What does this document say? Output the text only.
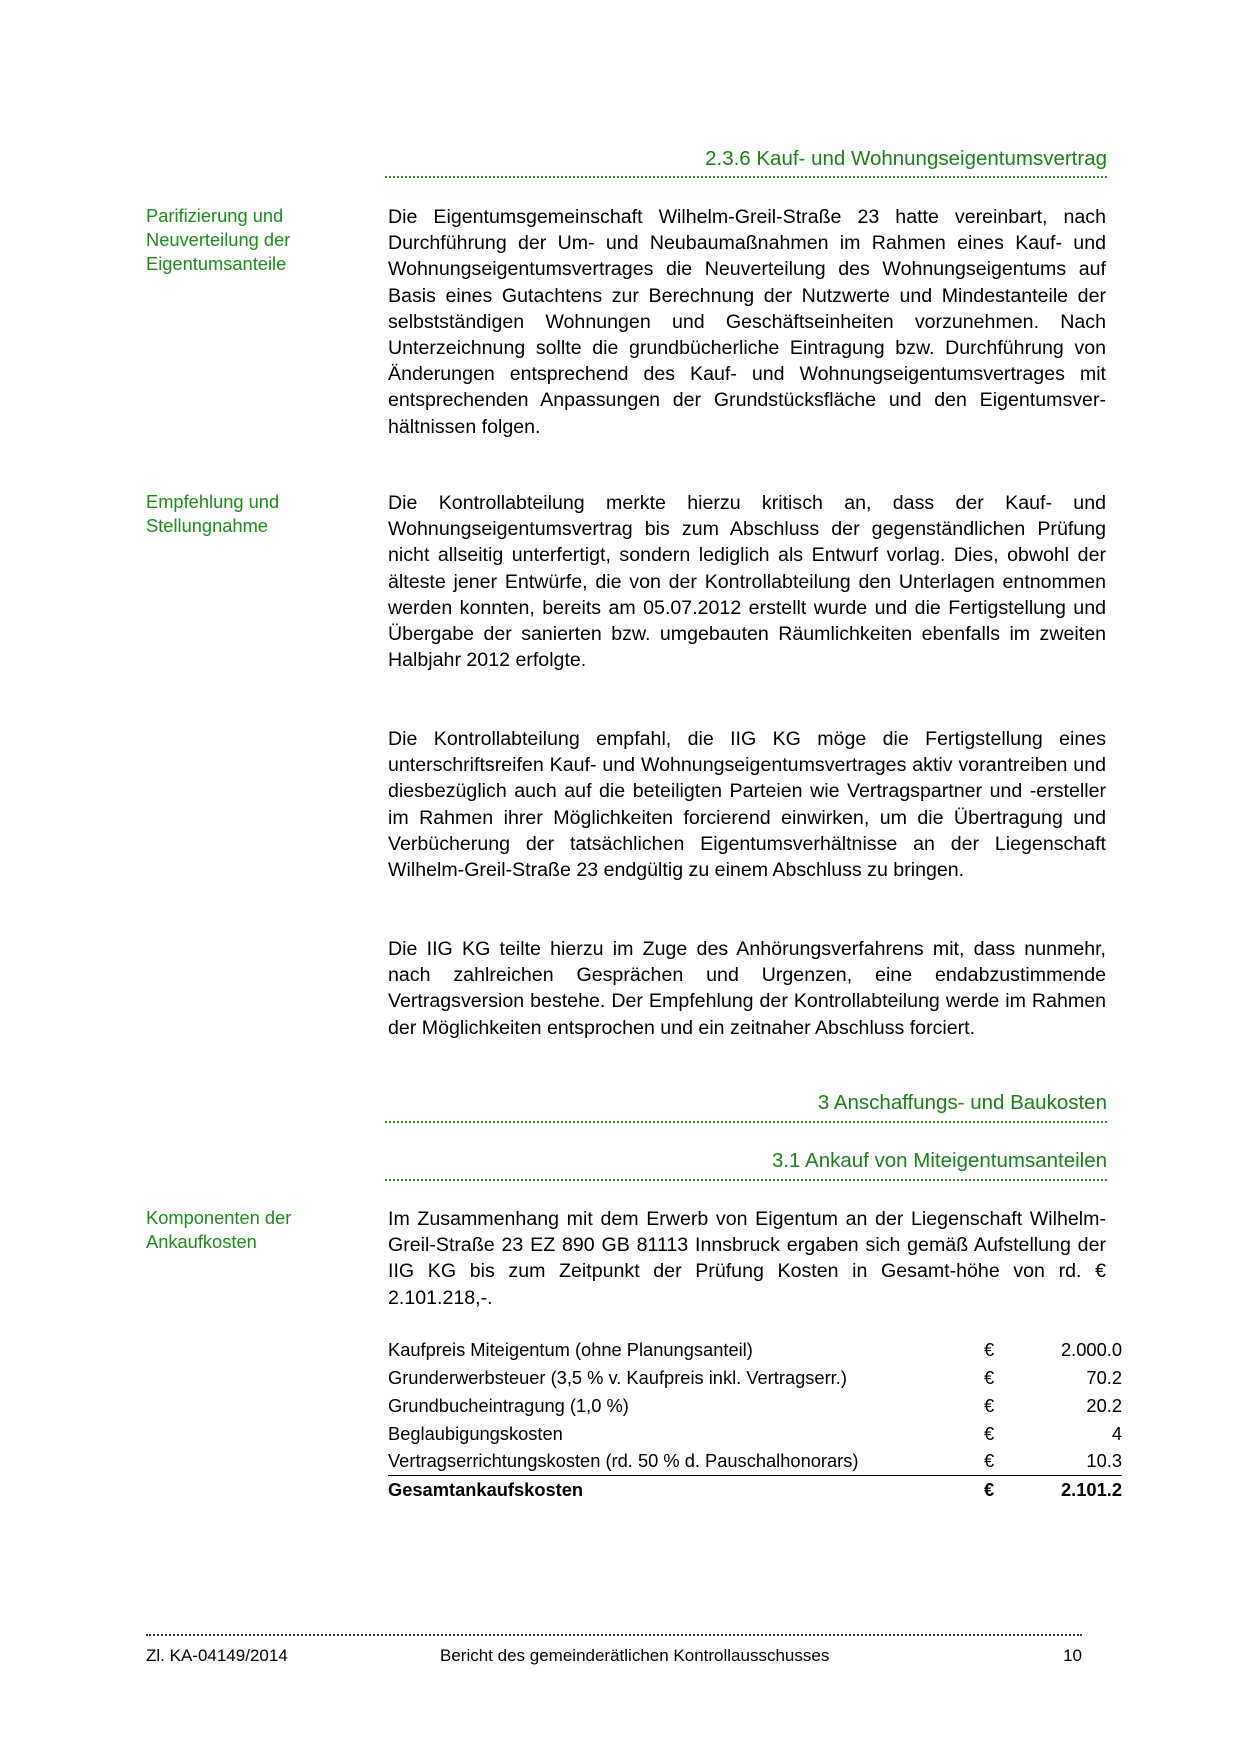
2.3.6 Kauf- und Wohnungseigentumsvertrag
Parifizierung und
Neuverteilung der
Eigentumsanteile
Die Eigentumsgemeinschaft Wilhelm-Greil-Straße 23 hatte vereinbart, nach Durchführung der Um- und Neubaumaßnahmen im Rahmen eines Kauf- und Wohnungseigentumsvertrages die Neuverteilung des Wohnungseigentums auf Basis eines Gutachtens zur Berechnung der Nutzwerte und Mindestanteile der selbstständigen Wohnungen und Geschäftseinheiten vorzunehmen. Nach Unterzeichnung sollte die grundbücherliche Eintragung bzw. Durchführung von Änderungen entsprechend des Kauf- und Wohnungseigentumsvertrages mit entsprechenden Anpassungen der Grundstücksfläche und den Eigentumsverhältnissen folgen.
Empfehlung und
Stellungnahme
Die Kontrollabteilung merkte hierzu kritisch an, dass der Kauf- und Wohnungseigentumsvertrag bis zum Abschluss der gegenständlichen Prüfung nicht allseitig unterfertigt, sondern lediglich als Entwurf vorlag. Dies, obwohl der älteste jener Entwürfe, die von der Kontrollabteilung den Unterlagen entnommen werden konnten, bereits am 05.07.2012 erstellt wurde und die Fertigstellung und Übergabe der sanierten bzw. umgebauten Räumlichkeiten ebenfalls im zweiten Halbjahr 2012 erfolgte.
Die Kontrollabteilung empfahl, die IIG KG möge die Fertigstellung eines unterschriftsreifen Kauf- und Wohnungseigentumsvertrages aktiv vorantreiben und diesbezüglich auch auf die beteiligten Parteien wie Vertragspartner und -ersteller im Rahmen ihrer Möglichkeiten forcierend einwirken, um die Übertragung und Verbücherung der tatsächlichen Eigentumsverhältnisse an der Liegenschaft Wilhelm-Greil-Straße 23 endgültig zu einem Abschluss zu bringen.
Die IIG KG teilte hierzu im Zuge des Anhörungsverfahrens mit, dass nunmehr, nach zahlreichen Gesprächen und Urgenzen, eine endabzustimmende Vertragsversion bestehe. Der Empfehlung der Kontrollabteilung werde im Rahmen der Möglichkeiten entsprochen und ein zeitnaher Abschluss forciert.
3 Anschaffungs- und Baukosten
3.1 Ankauf von Miteigentumsanteilen
Komponenten der
Ankaufkosten
Im Zusammenhang mit dem Erwerb von Eigentum an der Liegenschaft Wilhelm-Greil-Straße 23 EZ 890 GB 81113 Innsbruck ergaben sich gemäß Aufstellung der IIG KG bis zum Zeitpunkt der Prüfung Kosten in Gesamt-höhe von rd. € 2.101.218,-.
Kaufpreis Miteigentum (ohne Planungsanteil)	€	2.000.0
Grunderwerbsteuer (3,5 % v. Kaufpreis inkl. Vertragserr.)	€	70.2
Grundbucheintragung (1,0 %)	€	20.2
Beglaubigungskosten	€	4
Vertragserrichtungskosten (rd. 50 % d. Pauschalhonorars)	€	10.3
Gesamtankaufskosten	€	2.101.2
Zl. KA-04149/2014	Bericht des gemeinderätlichen Kontrollausschusses	10
